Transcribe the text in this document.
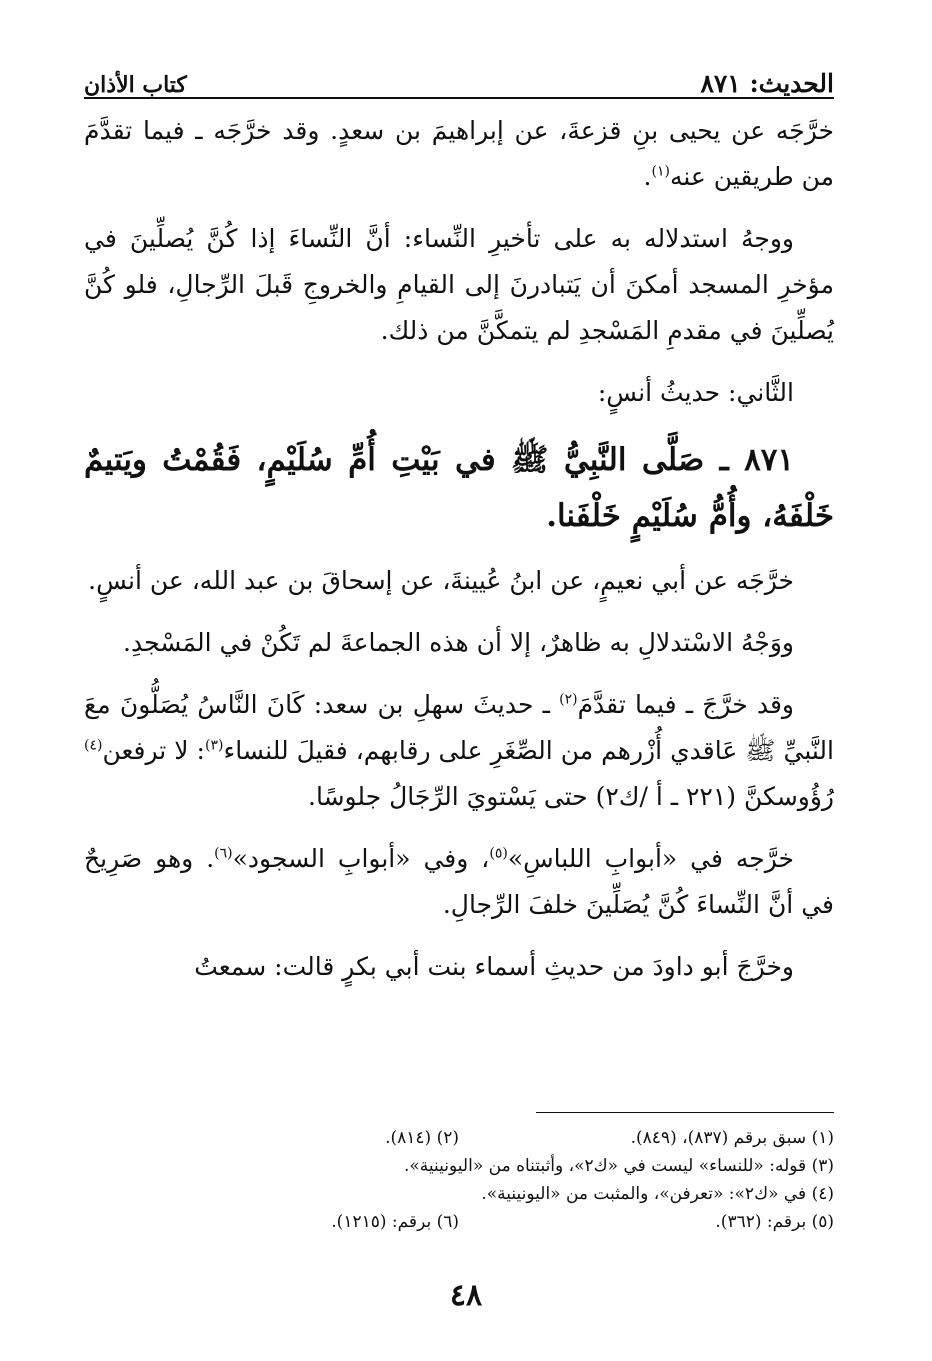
الحديث: ٨٧١
كتاب الأذان

خرَّجَه عن يحيى بنِ قزعةَ، عن إبراهيمَ بن سعدٍ. وقد خرَّجَه ـ فيما تقدَّمَ من طريقين عنه$^{(١)}$.

ووجهُ استدلاله به على تأخيرِ النِّساء: أنَّ النِّساءَ إذا كُنَّ يُصلِّينَ في مؤخرِ المسجد أمكنَ أن يَتبادرنَ إلى القيامِ والخروجِ قَبلَ الرِّجالِ، فلو كُنَّ يُصلِّينَ في مقدمِ المَسْجدِ لم يتمكَّنَّ من ذلك.

الثَّاني: حديثُ أنسٍ:

٨٧١ ـ صَلَّى النَّبِيُّ ﷺ في بَيْتِ أُمِّ سُلَيْمٍ، فَقُمْتُ ويَتيمٌ خَلْفَهُ، وأُمُّ سُلَيْمٍ خَلْفَنا.

خرَّجَه عن أبي نعيمٍ، عن ابنُ عُيينةَ، عن إسحاقَ بن عبد الله، عن أنسٍ.

ووَجْهُ الاسْتدلالِ به ظاهرٌ، إلا أن هذه الجماعةَ لم تَكُنْ في المَسْجدِ.

وقد خرَّجَ ـ فيما تقدَّمَ$^{(٢)}$ ـ حديثَ سهلِ بن سعد: كَانَ النَّاسُ يُصَلُّونَ معَ النَّبيِّ ﷺ عَاقدي أُزْرهم من الصِّغَرِ على رقابهم، فقيلَ للنساء$^{(٣)}$: لا ترفعن$^{(٤)}$ رُؤُوسكنَّ (٢٢١ ـ أ /ك٢) حتى يَسْتويَ الرِّجَالُ جلوسًا.

خرَّجه في «أبوابِ اللباسِ»$^{(٥)}$، وفي «أبوابِ السجود»$^{(٦)}$. وهو صَرِيحٌ في أنَّ النِّساءَ كُنَّ يُصَلِّينَ خلفَ الرِّجالِ.

وخرَّجَ أبو داودَ من حديثِ أسماء بنت أبي بكرٍ قالت: سمعتُ

(١) سبق برقم (٨٣٧)، (٨٤٩).
(٢) (٨١٤).
(٣) قوله: «للنساء» ليست في «ك٢»، وأثبتناه من «اليونينية».
(٤) في «ك٢»: «تعرفن»، والمثبت من «اليونينية».
(٥) برقم: (٣٦٢).
(٦) برقم: (١٢١٥).
٤٨
